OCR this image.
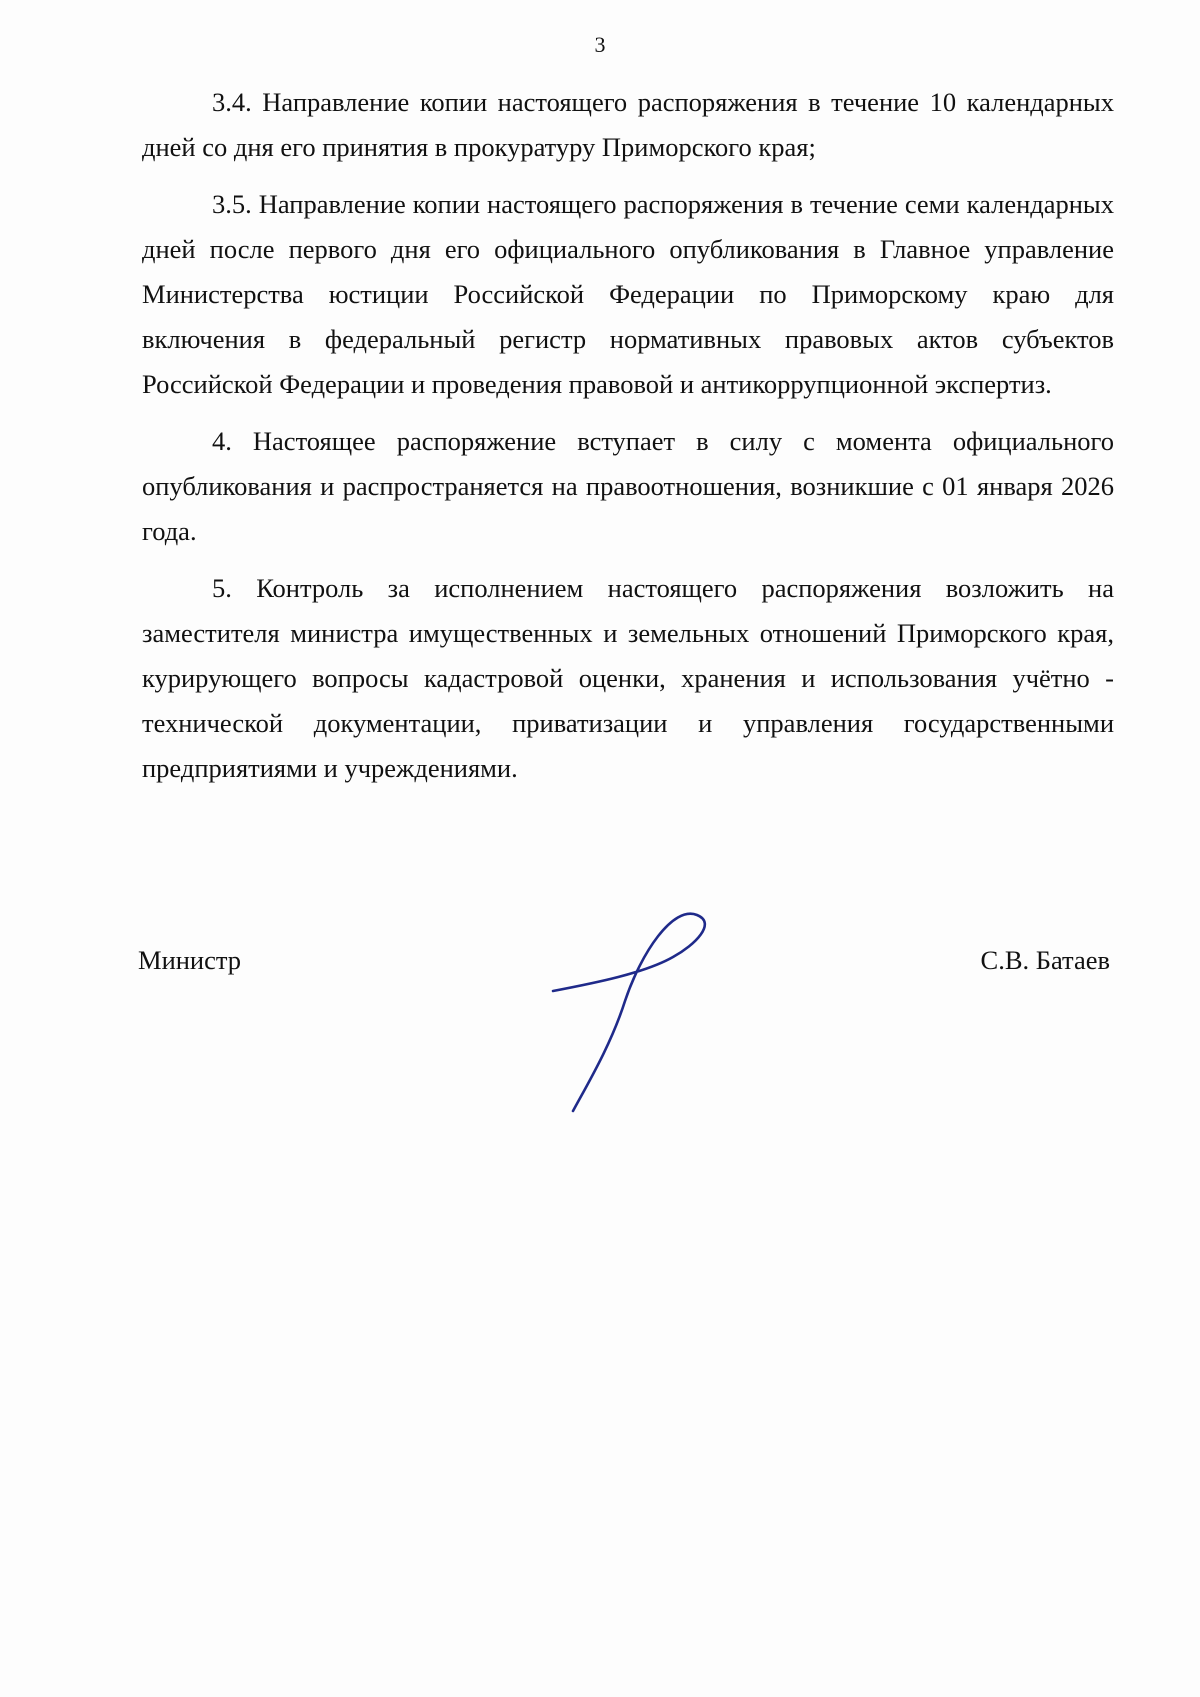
3

3.4. Направление копии настоящего распоряжения в течение 10 календарных дней со дня его принятия в прокуратуру Приморского края;

3.5. Направление копии настоящего распоряжения в течение семи календарных дней после первого дня его официального опубликования в Главное управление Министерства юстиции Российской Федерации по Приморскому краю для включения в федеральный регистр нормативных правовых актов субъектов Российской Федерации и проведения правовой и антикоррупционной экспертиз.

4. Настоящее распоряжение вступает в силу с момента официального опубликования и распространяется на правоотношения, возникшие с 01 января 2026 года.

5. Контроль за исполнением настоящего распоряжения возложить на заместителя министра имущественных и земельных отношений Приморского края, курирующего вопросы кадастровой оценки, хранения и использования учётно - технической документации, приватизации и управления государственными предприятиями и учреждениями.

Министр	С.В. Батаев
